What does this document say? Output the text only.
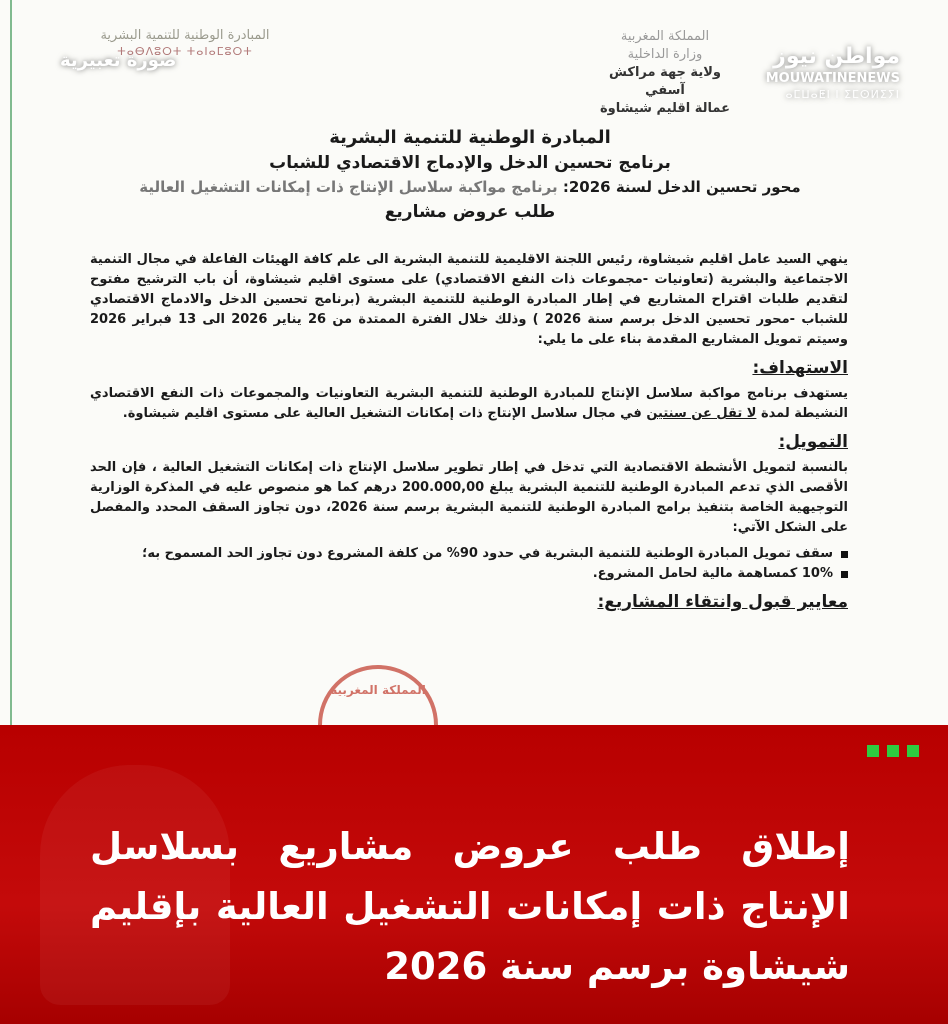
المبادرة الوطنية للتنمية البشرية
ⵜⴰⴱⴷⵓⵔⵜ ⵜⴰⵏⴰⵎⵓⵔⵜ
المملكة المغربية
وزارة الداخلية
ولاية جهة مراكش آسفي
عمالة اقليم شيشاوة
صورة تعبيرية	مواطن نيوز
MOUWATINENEWS
ⴰⵎⵡⴰⵟⵏ ⵏ ⵉⵎⵙⵍⵉⵢⵏ
المبادرة الوطنية للتنمية البشرية
برنامج تحسين الدخل والإدماج الاقتصادي للشباب
محور تحسين الدخل لسنة 2026: برنامج مواكبة سلاسل الإنتاج ذات إمكانات التشغيل العالية
طلب عروض مشاريع

ينهي السيد عامل اقليم شيشاوة، رئيس اللجنة الاقليمية للتنمية البشرية الى علم كافة الهيئات الفاعلة في مجال التنمية الاجتماعية والبشرية (تعاونيات -مجموعات ذات النفع الاقتصادي) على مستوى اقليم شيشاوة، أن باب الترشيح مفتوح لتقديم طلبات اقتراح المشاريع في إطار المبادرة الوطنية للتنمية البشرية (برنامج تحسين الدخل والادماج الاقتصادي للشباب -محور تحسين الدخل برسم سنة 2026 ) وذلك خلال الفترة الممتدة من 26 يناير 2026 الى 13 فبراير 2026 وسيتم تمويل المشاريع المقدمة بناء على ما يلي:

الاستهداف:

يستهدف برنامج مواكبة سلاسل الإنتاج للمبادرة الوطنية للتنمية البشرية التعاونيات والمجموعات ذات النفع الاقتصادي النشيطة لمدة لا تقل عن سنتين في مجال سلاسل الإنتاج ذات إمكانات التشغيل العالية على مستوى اقليم شيشاوة.

التمويل:

بالنسبة لتمويل الأنشطة الاقتصادية التي تدخل في إطار تطوير سلاسل الإنتاج ذات إمكانات التشغيل العالية ، فإن الحد الأقصى الذي تدعم المبادرة الوطنية للتنمية البشرية يبلغ 200.000,00 درهم كما هو منصوص عليه في المذكرة الوزارية التوجيهية الخاصة بتنفيذ برامج المبادرة الوطنية للتنمية البشرية برسم سنة 2026، دون تجاوز السقف المحدد والمفصل على الشكل الآتي:

سقف تمويل المبادرة الوطنية للتنمية البشرية في حدود 90% من كلفة المشروع دون تجاوز الحد المسموح به؛
10% كمساهمة مالية لحامل المشروع.
معايير قبول وانتقاء المشاريع:
المملكة المغربية
إطلاق طلب عروض مشاريع بسلاسل الإنتاج ذات إمكانات التشغيل العالية بإقليم شيشاوة برسم سنة 2026
